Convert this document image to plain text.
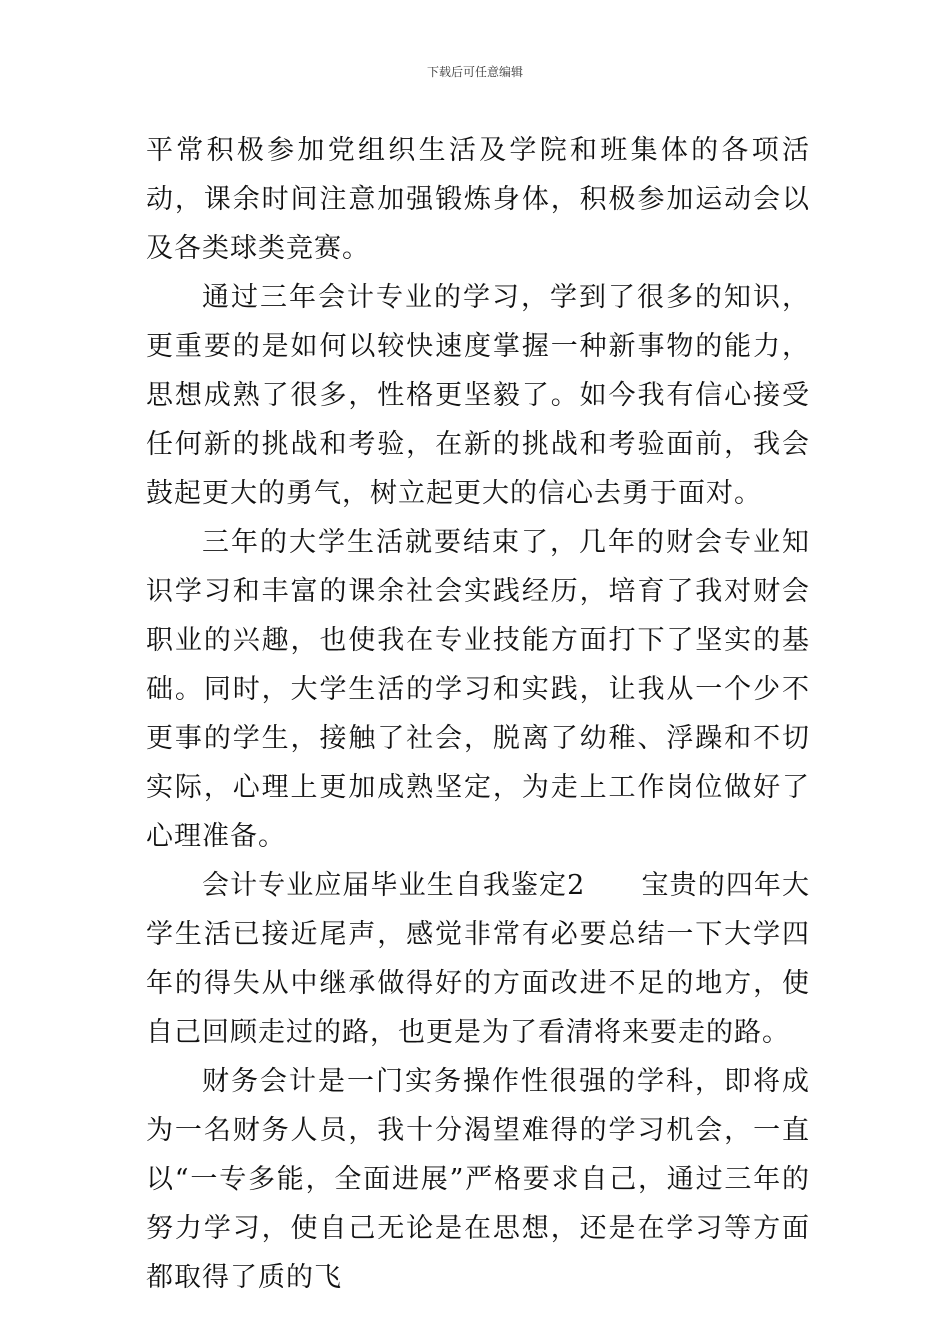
下载后可任意编辑

平常积极参加党组织生活及学院和班集体的各项活动，课余时间注意加强锻炼身体，积极参加运动会以及各类球类竞赛。

通过三年会计专业的学习，学到了很多的知识，更重要的是如何以较快速度掌握一种新事物的能力，思想成熟了很多，性格更坚毅了。如今我有信心接受任何新的挑战和考验，在新的挑战和考验面前，我会鼓起更大的勇气，树立起更大的信心去勇于面对。

三年的大学生活就要结束了，几年的财会专业知识学习和丰富的课余社会实践经历，培育了我对财会职业的兴趣，也使我在专业技能方面打下了坚实的基础。同时，大学生活的学习和实践，让我从一个少不更事的学生，接触了社会，脱离了幼稚、浮躁和不切实际，心理上更加成熟坚定，为走上工作岗位做好了心理准备。

会计专业应届毕业生自我鉴定2　　宝贵的四年大学生活已接近尾声，感觉非常有必要总结一下大学四年的得失从中继承做得好的方面改进不足的地方，使自己回顾走过的路，也更是为了看清将来要走的路。

财务会计是一门实务操作性很强的学科，即将成为一名财务人员，我十分渴望难得的学习机会，一直以“一专多能，全面进展”严格要求自己，通过三年的努力学习，使自己无论是在思想，还是在学习等方面都取得了质的飞
